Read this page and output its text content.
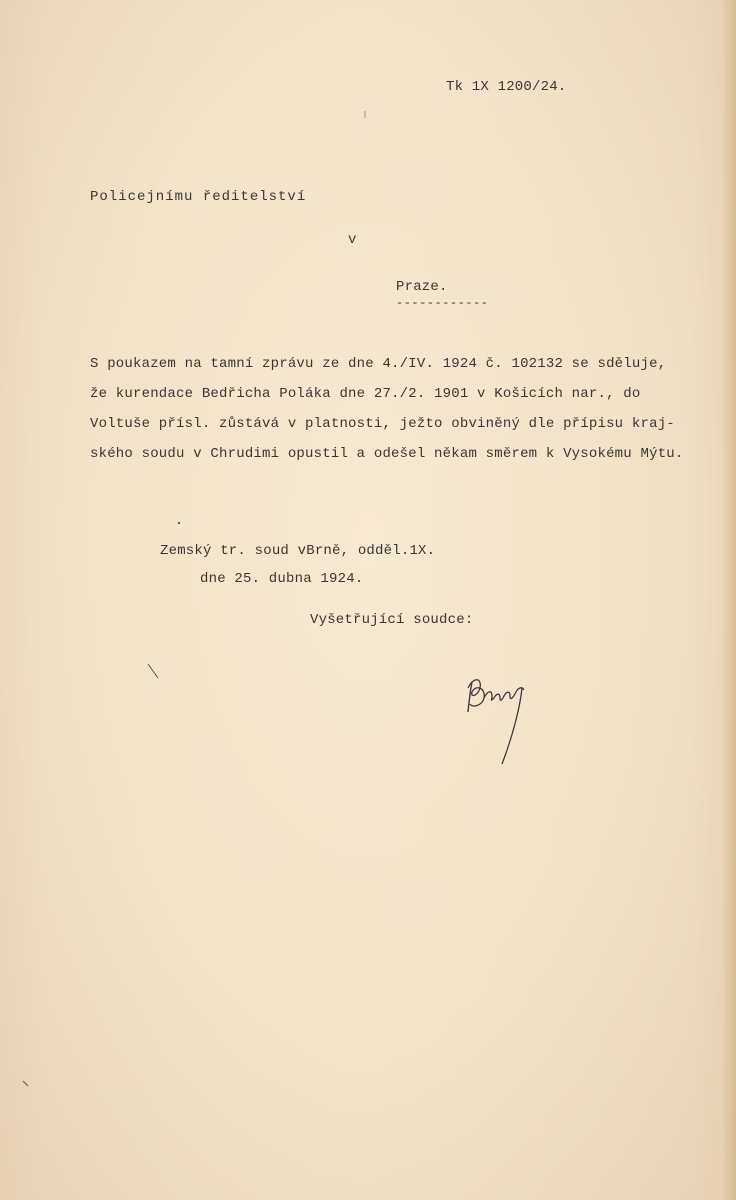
Tk 1X 1200/24.
Policejnímu ředitelství
v
Praze.
------------
S poukazem na tamní zprávu ze dne 4./IV. 1924 č. 102132 se sděluje,
že kurendace Bedřicha Poláka dne 27./2. 1901 v Košicích nar., do
Voltuše přísl. zůstává v platnosti, ježto obviněný dle přípisu kraj-
ského soudu v Chrudimi opustil a odešel někam směrem k Vysokému Mýtu.
Zemský tr. soud vBrně, odděl.1X.
dne 25. dubna 1924.
Vyšetřující soudce:
